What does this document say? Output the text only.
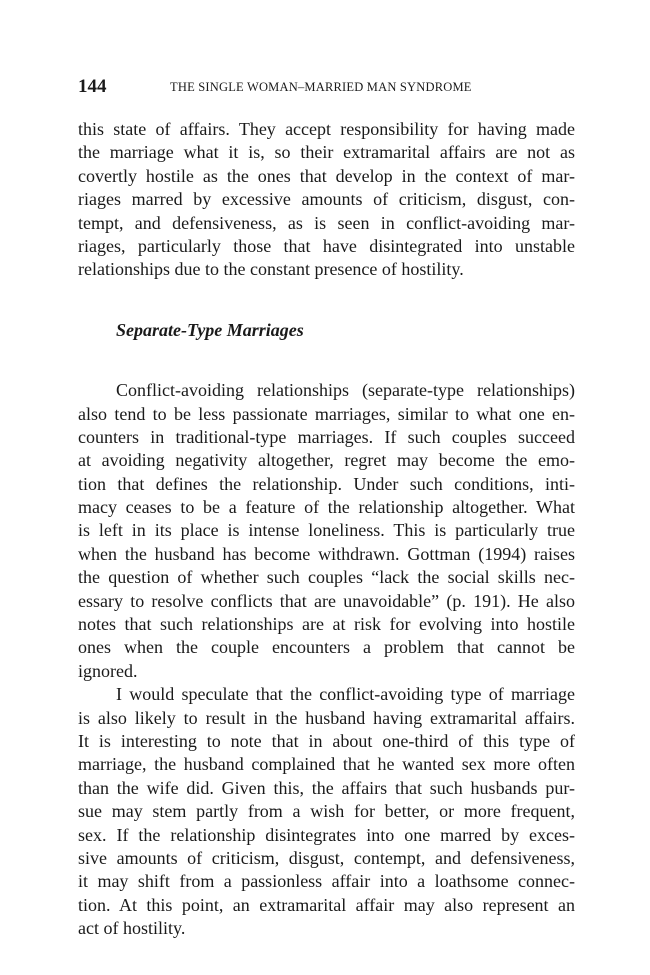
144	THE SINGLE WOMAN–MARRIED MAN SYNDROME
this state of affairs. They accept responsibility for having made
the marriage what it is, so their extramarital affairs are not as
covertly hostile as the ones that develop in the context of mar-
riages marred by excessive amounts of criticism, disgust, con-
tempt, and defensiveness, as is seen in conflict-avoiding mar-
riages, particularly those that have disintegrated into unstable
relationships due to the constant presence of hostility.
Separate-Type Marriages
Conflict-avoiding relationships (separate-type relationships)
also tend to be less passionate marriages, similar to what one en-
counters in traditional-type marriages. If such couples succeed
at avoiding negativity altogether, regret may become the emo-
tion that defines the relationship. Under such conditions, inti-
macy ceases to be a feature of the relationship altogether. What
is left in its place is intense loneliness. This is particularly true
when the husband has become withdrawn. Gottman (1994) raises
the question of whether such couples “lack the social skills nec-
essary to resolve conflicts that are unavoidable” (p. 191). He also
notes that such relationships are at risk for evolving into hostile
ones when the couple encounters a problem that cannot be
ignored.
I would speculate that the conflict-avoiding type of marriage
is also likely to result in the husband having extramarital affairs.
It is interesting to note that in about one-third of this type of
marriage, the husband complained that he wanted sex more often
than the wife did. Given this, the affairs that such husbands pur-
sue may stem partly from a wish for better, or more frequent,
sex. If the relationship disintegrates into one marred by exces-
sive amounts of criticism, disgust, contempt, and defensiveness,
it may shift from a passionless affair into a loathsome connec-
tion. At this point, an extramarital affair may also represent an
act of hostility.
